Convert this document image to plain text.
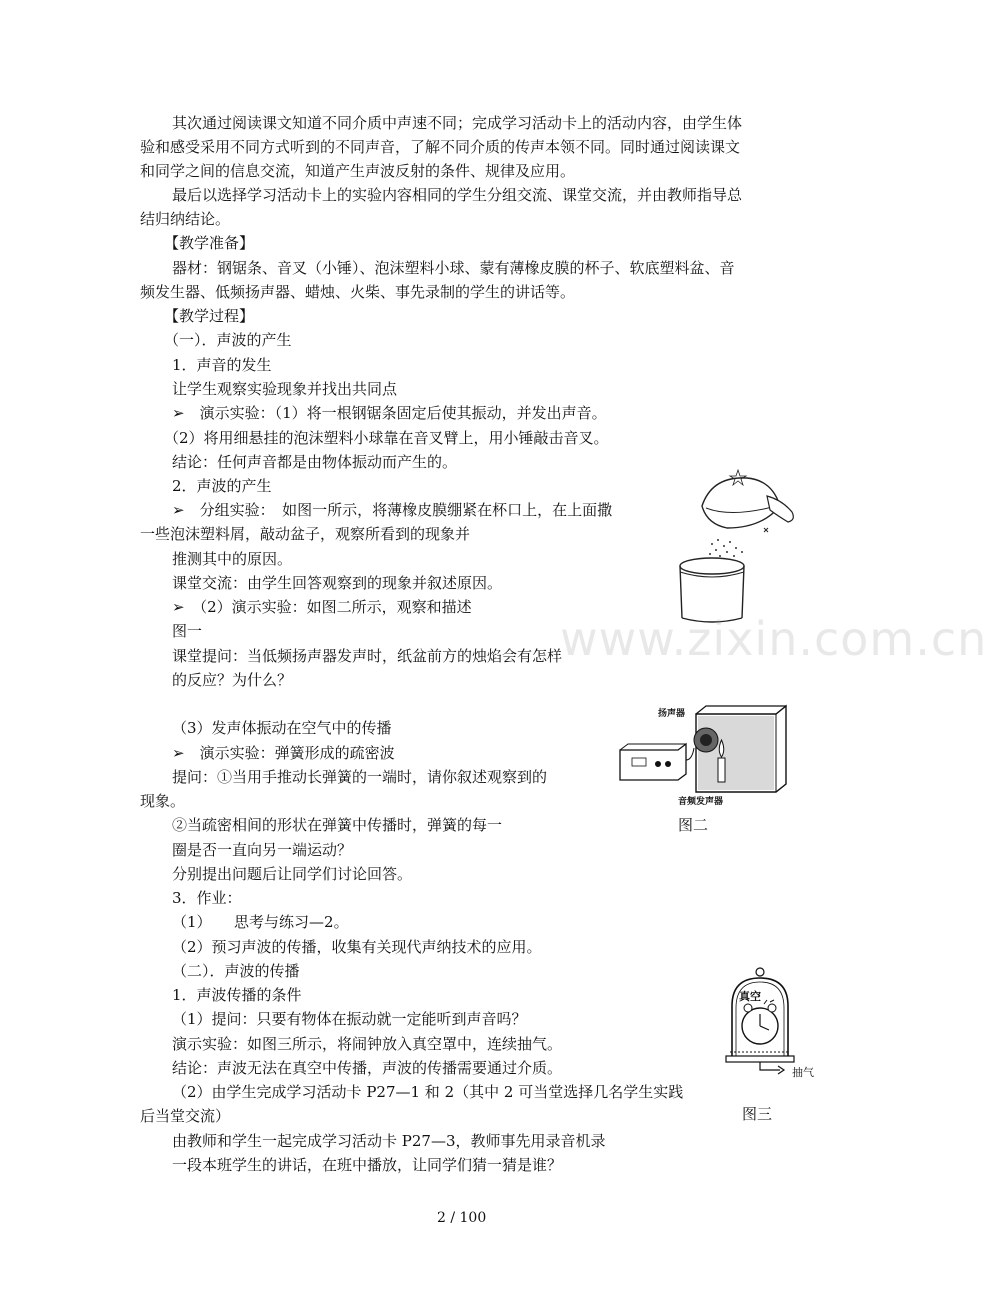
其次通过阅读课文知道不同介质中声速不同；完成学习活动卡上的活动内容，由学生体
验和感受采用不同方式听到的不同声音，了解不同介质的传声本领不同。同时通过阅读课文
和同学之间的信息交流，知道产生声波反射的条件、规律及应用。
最后以选择学习活动卡上的实验内容相同的学生分组交流、课堂交流，并由教师指导总
结归纳结论。
【教学准备】
器材：钢锯条、音叉（小锤）、泡沫塑料小球、蒙有薄橡皮膜的杯子、软底塑料盆、音
频发生器、低频扬声器、蜡烛、火柴、事先录制的学生的讲话等。
【教学过程】
（一）．声波的产生
1．声音的发生
让学生观察实验现象并找出共同点
➢　演示实验：（1）将一根钢锯条固定后使其振动，并发出声音。
（2）将用细悬挂的泡沫塑料小球靠在音叉臂上，用小锤敲击音叉。
结论：任何声音都是由物体振动而产生的。
2．声波的产生
➢　分组实验：　如图一所示，将薄橡皮膜绷紧在杯口上，在上面撒
一些泡沫塑料屑，敲动盆子，观察所看到的现象并
推测其中的原因。
课堂交流：由学生回答观察到的现象并叙述原因。
➢　（2）演示实验：如图二所示，观察和描述
图一
课堂提问：当低频扬声器发声时，纸盆前方的烛焰会有怎样
的反应？为什么？
（3）发声体振动在空气中的传播
➢　演示实验：弹簧形成的疏密波
提问：①当用手推动长弹簧的一端时，请你叙述观察到的
现象。
②当疏密相间的形状在弹簧中传播时，弹簧的每一
圈是否一直向另一端运动？
分别提出问题后让同学们讨论回答。
3．作业：
（1）　　思考与练习—2。
（2）预习声波的传播，收集有关现代声纳技术的应用。
（二）．声波的传播
1．声波传播的条件
（1）提问：只要有物体在振动就一定能听到声音吗？
演示实验：如图三所示，将闹钟放入真空罩中，连续抽气。
结论：声波无法在真空中传播，声波的传播需要通过介质。
（2）由学生完成学习活动卡 P27—1 和 2（其中 2 可当堂选择几名学生实践
后当堂交流）
由教师和学生一起完成学习活动卡 P27—3，教师事先用录音机录
一段本班学生的讲话，在班中播放，让同学们猜一猜是谁？
扬声器
音频发声器
图二
真空
抽气
图三
www.zixin.com.cn
2 / 100
